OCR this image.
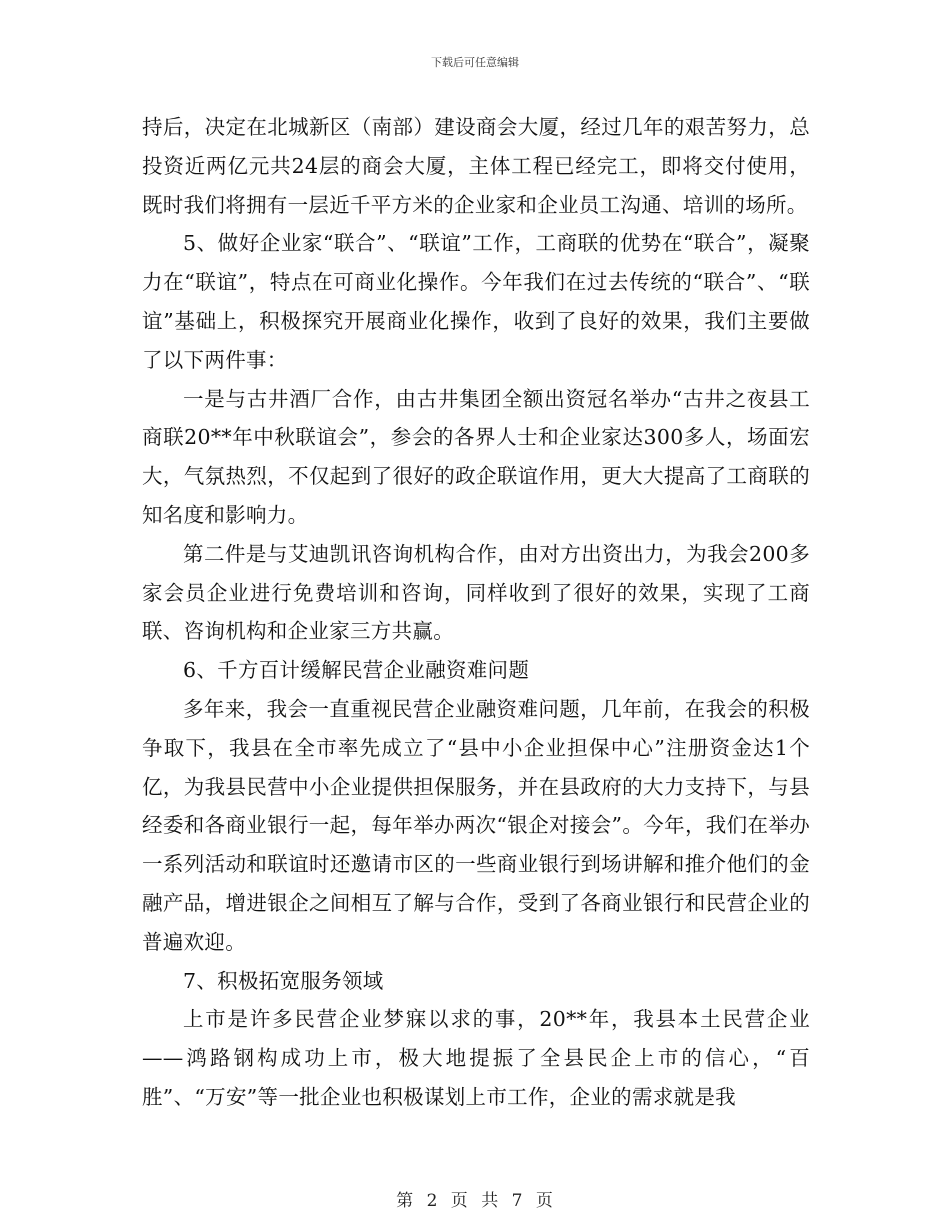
下载后可任意编辑

持后，决定在北城新区（南部）建设商会大厦，经过几年的艰苦努力，总投资近两亿元共24层的商会大厦，主体工程已经完工，即将交付使用，既时我们将拥有一层近千平方米的企业家和企业员工沟通、培训的场所。

5、做好企业家“联合”、“联谊”工作，工商联的优势在“联合”，凝聚力在“联谊”，特点在可商业化操作。今年我们在过去传统的“联合”、“联谊”基础上，积极探究开展商业化操作，收到了良好的效果，我们主要做了以下两件事：

一是与古井酒厂合作，由古井集团全额出资冠名举办“古井之夜县工商联20**年中秋联谊会”，参会的各界人士和企业家达300多人，场面宏大，气氛热烈，不仅起到了很好的政企联谊作用，更大大提高了工商联的知名度和影响力。

第二件是与艾迪凯讯咨询机构合作，由对方出资出力，为我会200多家会员企业进行免费培训和咨询，同样收到了很好的效果，实现了工商联、咨询机构和企业家三方共赢。

6、千方百计缓解民营企业融资难问题

多年来，我会一直重视民营企业融资难问题，几年前，在我会的积极争取下，我县在全市率先成立了“县中小企业担保中心”注册资金达1个亿，为我县民营中小企业提供担保服务，并在县政府的大力支持下，与县经委和各商业银行一起，每年举办两次“银企对接会”。今年，我们在举办一系列活动和联谊时还邀请市区的一些商业银行到场讲解和推介他们的金融产品，增进银企之间相互了解与合作，受到了各商业银行和民营企业的普遍欢迎。

7、积极拓宽服务领域

上市是许多民营企业梦寐以求的事，20**年，我县本土民营企业——鸿路钢构成功上市，极大地提振了全县民企上市的信心，“百胜”、“万安”等一批企业也积极谋划上市工作，企业的需求就是我

第 2 页 共 7 页
